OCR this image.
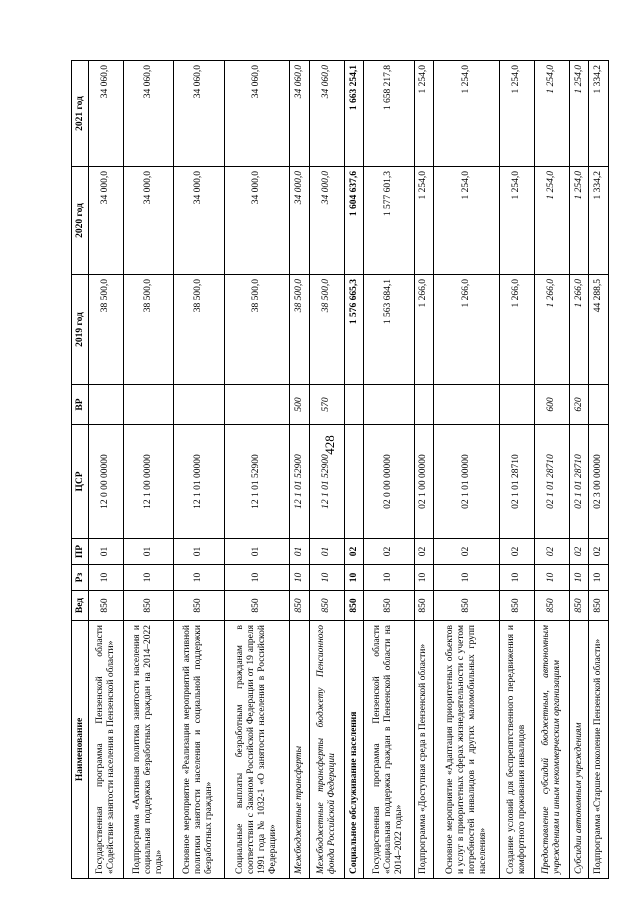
428
Наименование	Вед	Рз	ПР	ЦСР	ВР	2019 год	2020 год	2021 год
Государственная программа Пензенской области «Содействие занятости населения в Пензенской области»	850	10	01	12 0 00 00000		38 500,0	34 000,0	34 060,0
Подпрограмма «Активная политика занятости населения и социальная поддержка безработных граждан на 2014–2022 годы»	850	10	01	12 1 00 00000		38 500,0	34 000,0	34 060,0
Основное мероприятие «Реализация мероприятий активной политики занятости населения и социальной поддержки безработных граждан»	850	10	01	12 1 01 00000		38 500,0	34 000,0	34 060,0
Социальные выплаты безработным гражданам в соответствии с Законом Российской Федерации от 19 апреля 1991 года № 1032-1 «О занятости населения в Российской Федерации»	850	10	01	12 1 01 52900		38 500,0	34 000,0	34 060,0
Межбюджетные трансферты	850	10	01	12 1 01 52900	500	38 500,0	34 000,0	34 060,0
Межбюджетные трансферты бюджету Пенсионного фонда Российской Федерации	850	10	01	12 1 01 52900	570	38 500,0	34 000,0	34 060,0
Социальное обслуживание населения	850	10	02			1 576 665,3	1 604 637,6	1 663 254,1
Государственная программа Пензенской области «Социальная поддержка граждан в Пензенской области на 2014–2022 годы»	850	10	02	02 0 00 00000		1 563 684,1	1 577 601,3	1 658 217,8
Подпрограмма «Доступная среда в Пензенской области»	850	10	02	02 1 00 00000		1 266,0	1 254,0	1 254,0
Основное мероприятие «Адаптация приоритетных объектов и услуг в приоритетных сферах жизнедеятельности с учетом потребностей инвалидов и других маломобильных групп населения»	850	10	02	02 1 01 00000		1 266,0	1 254,0	1 254,0
Создание условий для беспрепятственного передвижения и комфортного проживания инвалидов	850	10	02	02 1 01 28710		1 266,0	1 254,0	1 254,0
Предоставление субсидий бюджетным, автономным учреждениям и иным некоммерческим организациям	850	10	02	02 1 01 28710	600	1 266,0	1 254,0	1 254,0
Субсидии автономным учреждениям	850	10	02	02 1 01 28710	620	1 266,0	1 254,0	1 254,0
Подпрограмма «Старшее поколение Пензенской области»	850	10	02	02 3 00 00000		44 288,5	1 334,2	1 334,2
